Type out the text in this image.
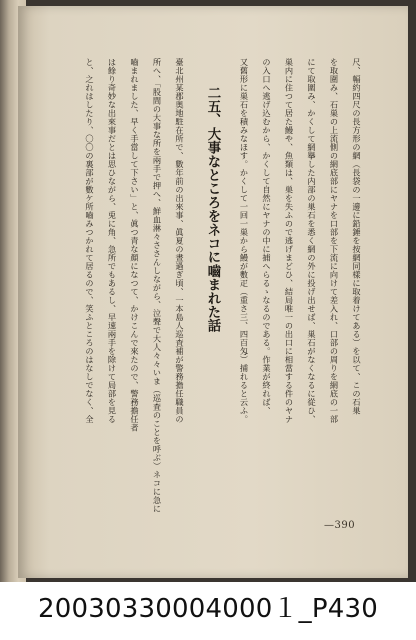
尺、幅約四尺の長方形の網（長袋の一邊に鉛錘を按網同樣に取着けてある）を以て、この石巣
を取圍み、石巣の上流側の網底部にヤナを口部を下流に向けて差入れ、口部の周りを網底の一部
にて取圍み、かくして網擧した内部の巣石を悉く網の外に投げ出せば、巣石がなくなるに從ひ、
巣内に住つて居た鰻や、魚類は、巣を失ふので逃げまどひ、結局唯一の出口に相當する件のヤナ
の入口へ逃げ込むから、かくして自然にヤナの中に捕へらるゝなるのである。作業が終れば、
又舊形に巣石を積みなほす。かくして一回一巣から鰻が數疋（重さ三、四百匁）捕れると云ふ。
二五、大事なところをネコに嚙まれた話
臺北州某郡奥地駐在所で、數年前の出來事、眞夏の晝過ぎ頃、一本島人巡査補が警務擔任職員の
所へ、「股間の大事な所を兩手で押へ、鮮血淋々ささんしながら、泣聲で大人々々いま（巡査のことを呼ぶ）ネコに急に
嚙まれました、早く手當して下さい」と、眞つ青な顏になつて、かけこんで來たので、警務擔任者
は餘り奇妙な出來事だとは思ひながら、兎に角、急所でもあるし、早速兩手を除けて局部を見る
と、之れはしたり、〇〇の裏部が數ケ所嚙みつかれて居るので、笑ふところのはなしでなく、全
—390
20030330004000１_P430
